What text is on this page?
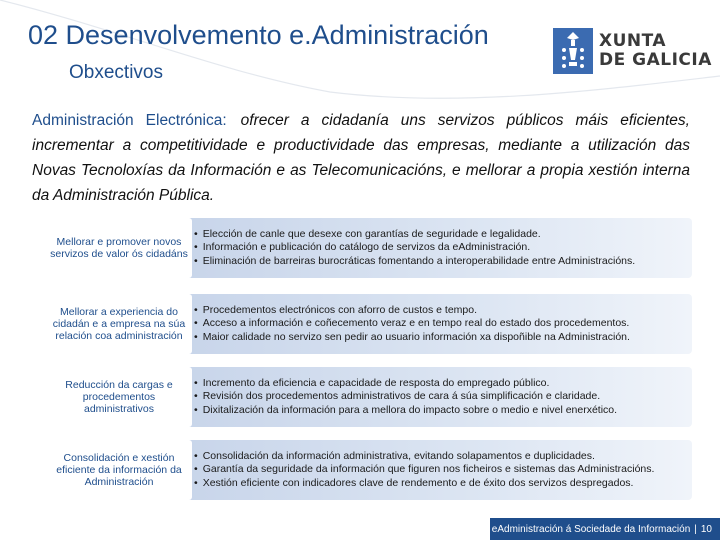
02 Desenvolvemento e.Administración
Obxectivos
XUNTA
DE GALICIA
Administración Electrónica: ofrecer a cidadanía uns servizos públicos máis eficientes, incrementar a competitividade e productividade das empresas, mediante a utilización das Novas Tecnoloxías da Información e as Telecomunicacións, e mellorar a propia xestión interna da Administración Pública.
Mellorar e promover novos servizos de valor ós cidadáns
• Elección de canle que desexe con garantías de seguridade e legalidade.
• Información e publicación do catálogo de servizos da eAdministración.
• Eliminación de barreiras burocráticas fomentando a interoperabilidade entre Administracións.
Mellorar a experiencia do cidadán e a empresa na súa relación coa administración
• Procedementos electrónicos con aforro de custos e tempo.
• Acceso a información e coñecemento veraz e en tempo real do estado dos procedementos.
• Maior calidade no servizo sen pedir ao usuario información xa dispoñible na Administración.
Reducción da cargas e procedementos administrativos
• Incremento da eficiencia e capacidade de resposta do empregado público.
• Revisión dos procedementos administrativos de cara á súa simplificación e claridade.
• Dixitalización da información para a mellora do impacto sobre o medio e nivel enerxético.
Consolidación e xestión eficiente da información da Administración
• Consolidación da información administrativa, evitando solapamentos e duplicidades.
• Garantía da seguridade da información que figuren nos ficheiros e sistemas das Administracións.
• Xestión eficiente con indicadores clave de rendemento e de éxito dos servizos despregados.
Da eAdministración á Sociedade da Información | 10
